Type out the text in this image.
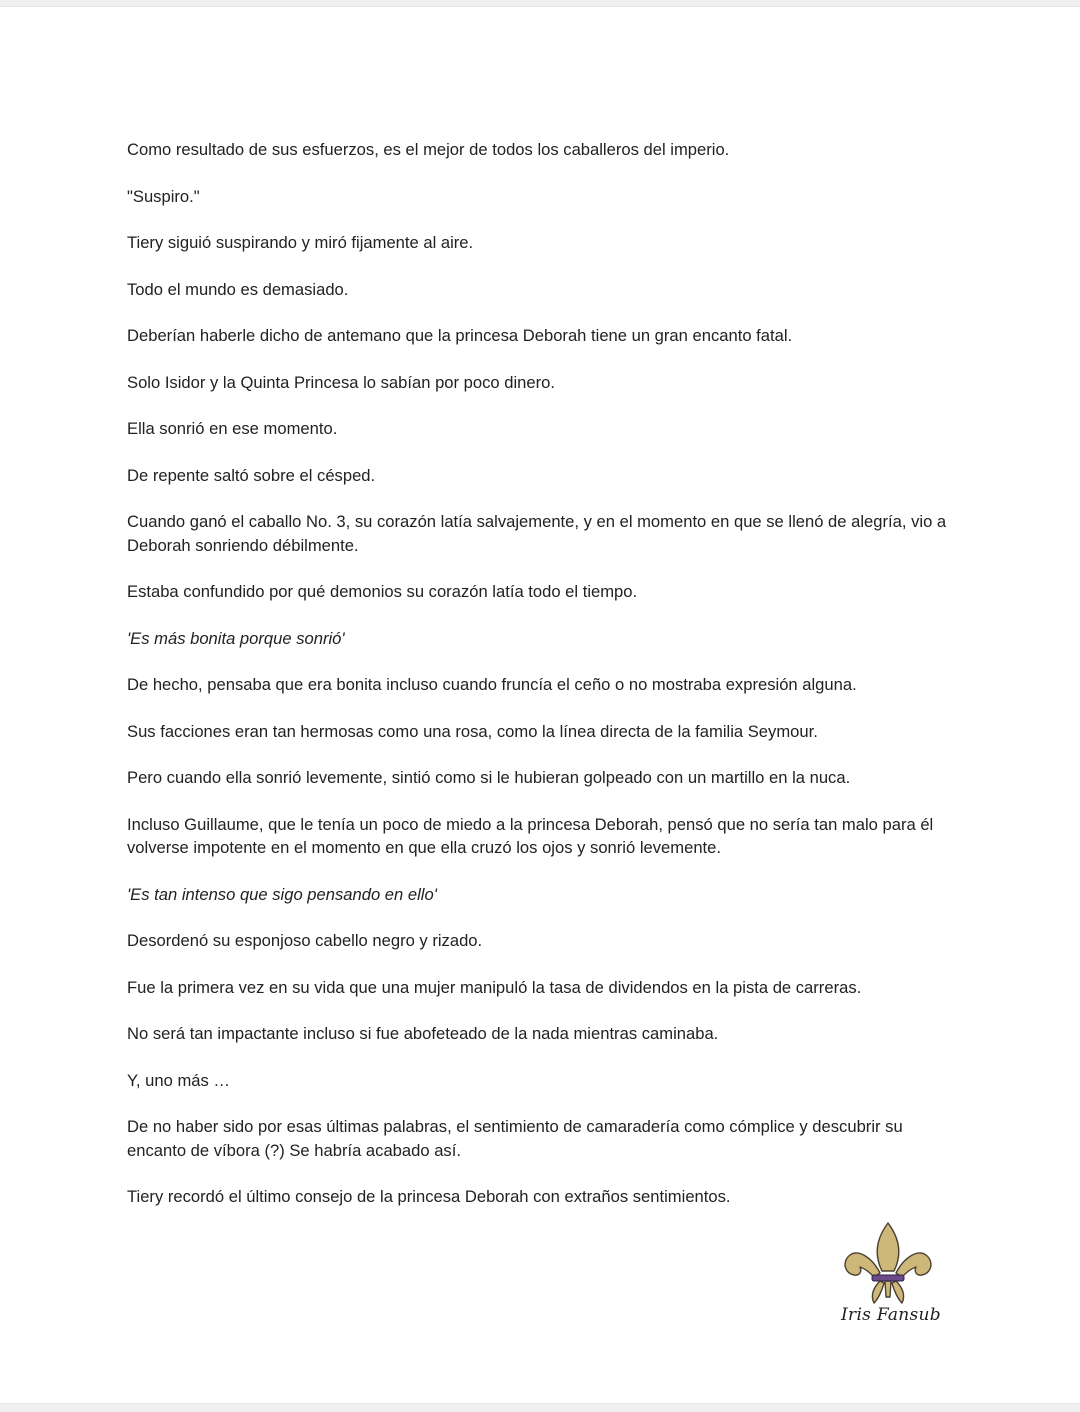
Como resultado de sus esfuerzos, es el mejor de todos los caballeros del imperio.

"Suspiro."

Tiery siguió suspirando y miró fijamente al aire.

Todo el mundo es demasiado.

Deberían haberle dicho de antemano que la princesa Deborah tiene un gran encanto fatal.

Solo Isidor y la Quinta Princesa lo sabían por poco dinero.

Ella sonrió en ese momento.

De repente saltó sobre el césped.

Cuando ganó el caballo No. 3, su corazón latía salvajemente, y en el momento en que se llenó de alegría, vio a Deborah sonriendo débilmente.

Estaba confundido por qué demonios su corazón latía todo el tiempo.

'Es más bonita porque sonrió'

De hecho, pensaba que era bonita incluso cuando fruncía el ceño o no mostraba expresión alguna.

Sus facciones eran tan hermosas como una rosa, como la línea directa de la familia Seymour.

Pero cuando ella sonrió levemente, sintió como si le hubieran golpeado con un martillo en la nuca.

Incluso Guillaume, que le tenía un poco de miedo a la princesa Deborah, pensó que no sería tan malo para él volverse impotente en el momento en que ella cruzó los ojos y sonrió levemente.

'Es tan intenso que sigo pensando en ello'

Desordenó su esponjoso cabello negro y rizado.

Fue la primera vez en su vida que una mujer manipuló la tasa de dividendos en la pista de carreras.

No será tan impactante incluso si fue abofeteado de la nada mientras caminaba.

Y, uno más …

De no haber sido por esas últimas palabras, el sentimiento de camaradería como cómplice y descubrir su encanto de víbora (?) Se habría acabado así.

Tiery recordó el último consejo de la princesa Deborah con extraños sentimientos.

Iris Fansub
